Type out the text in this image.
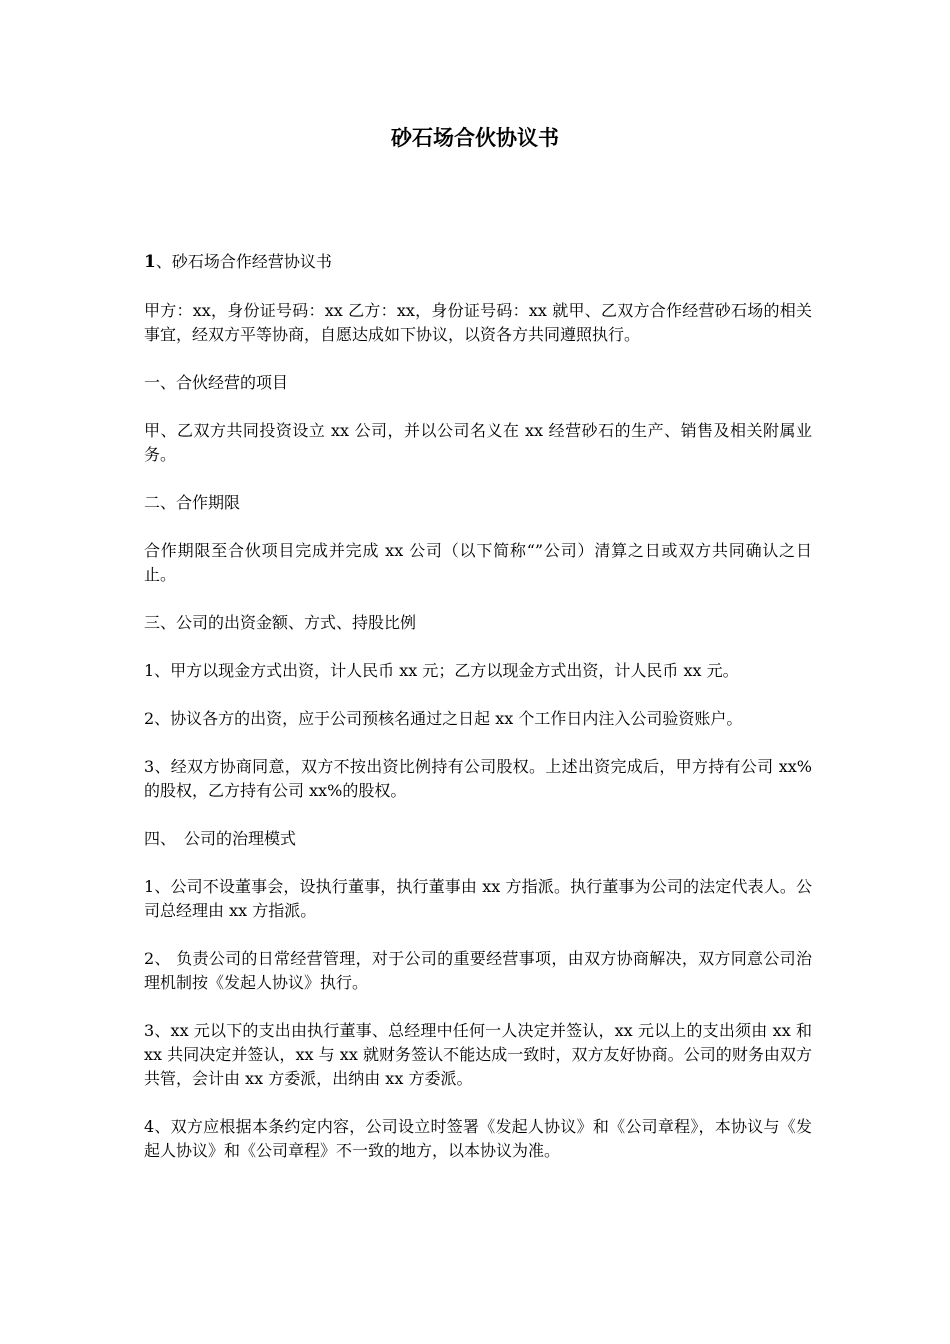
砂石场合伙协议书

1、砂石场合作经营协议书

甲方：xx，身份证号码：xx 乙方：xx，身份证号码：xx 就甲、乙双方合作经营砂石场的相关事宜，经双方平等协商，自愿达成如下协议，以资各方共同遵照执行。

一、合伙经营的项目

甲、乙双方共同投资设立 xx 公司，并以公司名义在 xx 经营砂石的生产、销售及相关附属业务。

二、合作期限

合作期限至合伙项目完成并完成 xx 公司（以下简称“”公司）清算之日或双方共同确认之日止。

三、公司的出资金额、方式、持股比例

1、甲方以现金方式出资，计人民币 xx 元；乙方以现金方式出资，计人民币 xx 元。

2、协议各方的出资，应于公司预核名通过之日起 xx 个工作日内注入公司验资账户。

3、经双方协商同意，双方不按出资比例持有公司股权。上述出资完成后，甲方持有公司 xx%的股权，乙方持有公司 xx%的股权。

四、　公司的治理模式

1、公司不设董事会，设执行董事，执行董事由 xx 方指派。执行董事为公司的法定代表人。公司总经理由 xx 方指派。

2、 负责公司的日常经营管理，对于公司的重要经营事项，由双方协商解决，双方同意公司治理机制按《发起人协议》执行。

3、xx 元以下的支出由执行董事、总经理中任何一人决定并签认，xx 元以上的支出须由 xx 和 xx 共同决定并签认，xx 与 xx 就财务签认不能达成一致时，双方友好协商。公司的财务由双方共管，会计由 xx 方委派，出纳由 xx 方委派。

4、双方应根据本条约定内容，公司设立时签署《发起人协议》和《公司章程》，本协议与《发起人协议》和《公司章程》不一致的地方，以本协议为准。
